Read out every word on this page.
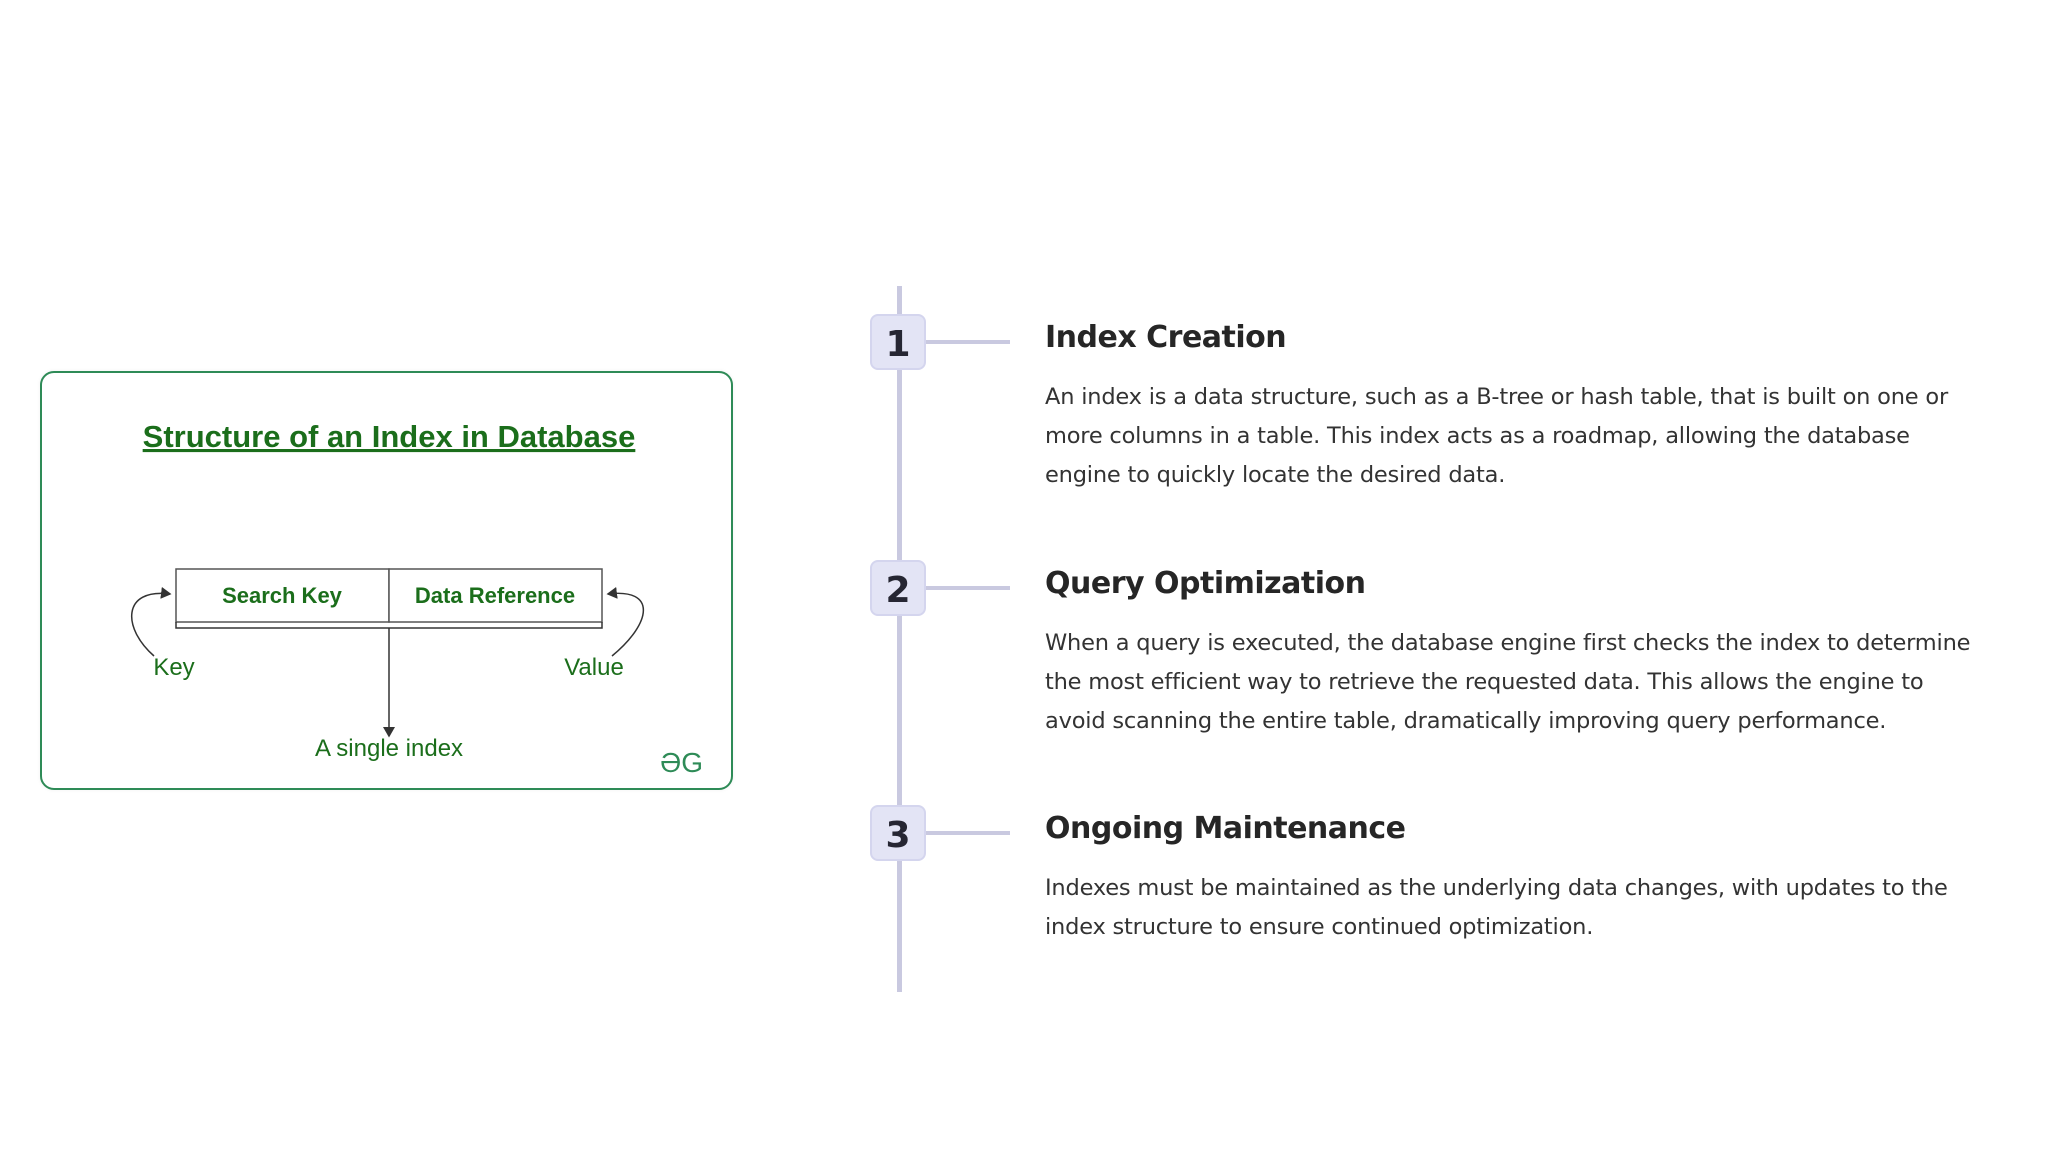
Structure of an Index in Database
Search Key	Data Reference
Key	Value
A single index	ƏG
1	Index Creation
An index is a data structure, such as a B-tree or hash table, that is built on one or more columns in a table. This index acts as a roadmap, allowing the database engine to quickly locate the desired data.
2	Query Optimization
When a query is executed, the database engine first checks the index to determine the most efficient way to retrieve the requested data. This allows the engine to avoid scanning the entire table, dramatically improving query performance.
3	Ongoing Maintenance
Indexes must be maintained as the underlying data changes, with updates to the index structure to ensure continued optimization.
